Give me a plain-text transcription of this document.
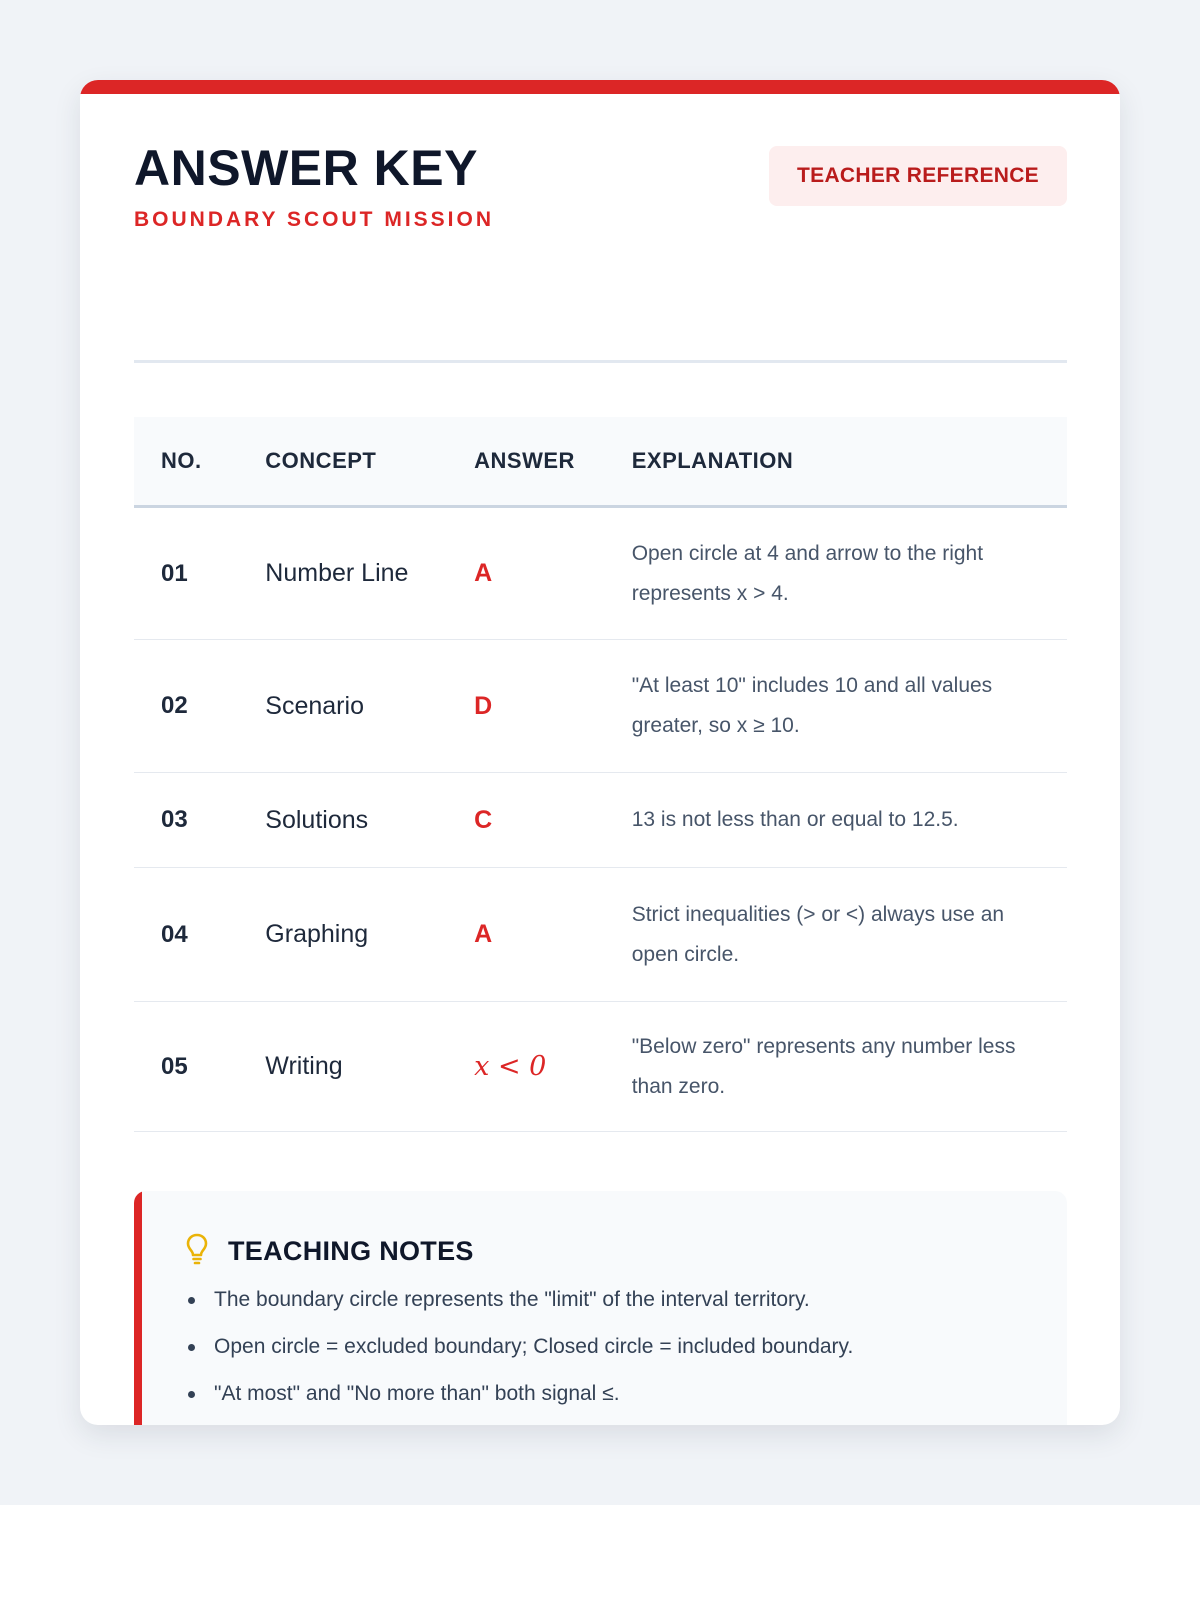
ANSWER KEY
BOUNDARY SCOUT MISSION
TEACHER REFERENCE
NO.	CONCEPT	ANSWER	EXPLANATION
01	Number Line	A	Open circle at 4 and arrow to the right represents x > 4.
02	Scenario	D	"At least 10" includes 10 and all values greater, so x ≥ 10.
03	Solutions	C	13 is not less than or equal to 12.5.
04	Graphing	A	Strict inequalities (> or <) always use an open circle.
05	Writing	x < 0	"Below zero" represents any number less than zero.
TEACHING NOTES
The boundary circle represents the "limit" of the interval territory.
Open circle = excluded boundary; Closed circle = included boundary.
"At most" and "No more than" both signal ≤.
